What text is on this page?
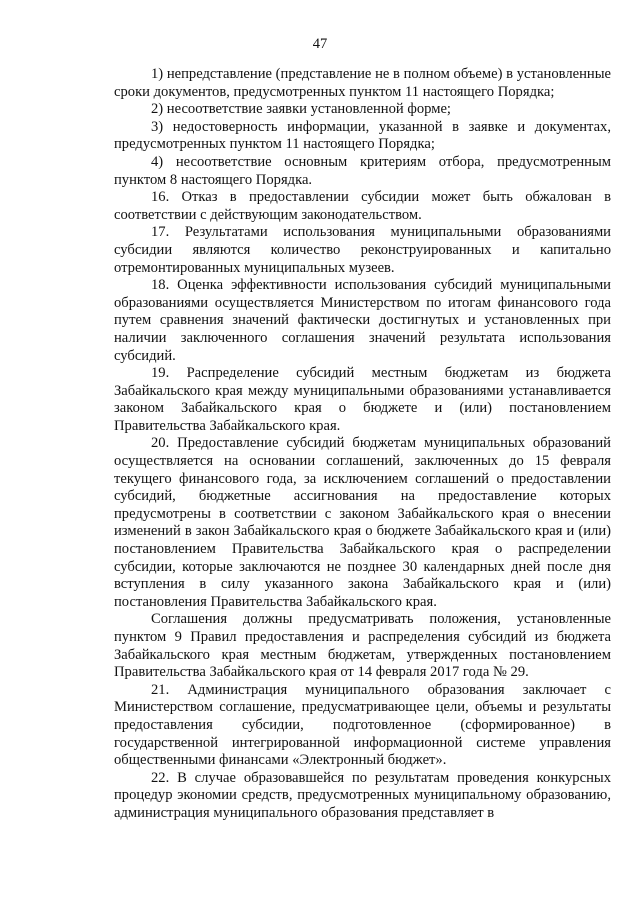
47

1) непредставление (представление не в полном объеме) в установленные сроки документов, предусмотренных пунктом 11 настоящего Порядка;

2) несоответствие заявки установленной форме;

3) недостоверность информации, указанной в заявке и документах, предусмотренных пунктом 11 настоящего Порядка;

4) несоответствие основным критериям отбора, предусмотренным пунктом 8 настоящего Порядка.

16. Отказ в предоставлении субсидии может быть обжалован в соответствии с действующим законодательством.

17. Результатами использования муниципальными образованиями субсидии являются количество реконструированных и капитально отремонтированных муниципальных музеев.

18. Оценка эффективности использования субсидий муниципальными образованиями осуществляется Министерством по итогам финансового года путем сравнения значений фактически достигнутых и установленных при наличии заключенного соглашения значений результата использования субсидий.

19. Распределение субсидий местным бюджетам из бюджета Забайкальского края между муниципальными образованиями устанавливается законом Забайкальского края о бюджете и (или) постановлением Правительства Забайкальского края.

20. Предоставление субсидий бюджетам муниципальных образований осуществляется на основании соглашений, заключенных до 15 февраля текущего финансового года, за исключением соглашений о предоставлении субсидий, бюджетные ассигнования на предоставление которых предусмотрены в соответствии с законом Забайкальского края о внесении изменений в закон Забайкальского края о бюджете Забайкальского края и (или) постановлением Правительства Забайкальского края о распределении субсидии, которые заключаются не позднее 30 календарных дней после дня вступления в силу указанного закона Забайкальского края и (или) постановления Правительства Забайкальского края.

Соглашения должны предусматривать положения, установленные пунктом 9 Правил предоставления и распределения субсидий из бюджета Забайкальского края местным бюджетам, утвержденных постановлением Правительства Забайкальского края от 14 февраля 2017 года № 29.

21. Администрация муниципального образования заключает с Министерством соглашение, предусматривающее цели, объемы и результаты предоставления субсидии, подготовленное (сформированное) в государственной интегрированной информационной системе управления общественными финансами «Электронный бюджет».

22. В случае образовавшейся по результатам проведения конкурсных процедур экономии средств, предусмотренных муниципальному образованию, администрация муниципального образования представляет в
